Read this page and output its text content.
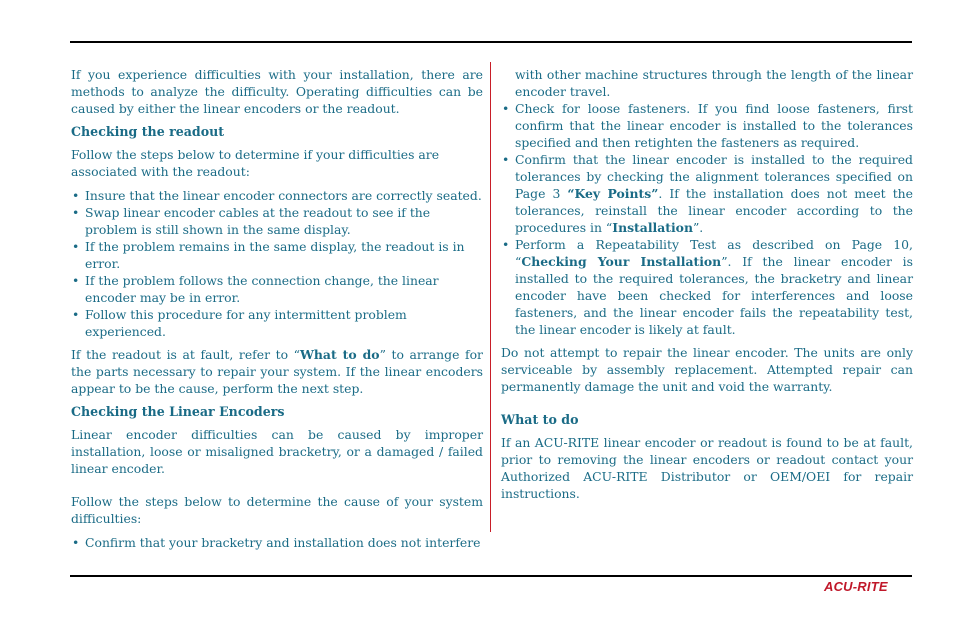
If you experience difficulties with your installation, there are methods to analyze the difficulty. Operating difficulties can be caused by either the linear encoders or the readout.

Checking the readout

Follow the steps below to determine if your difficulties are associated with the readout:

• Insure that the linear encoder connectors are correctly seated.
• Swap linear encoder cables at the readout to see if the problem is still shown in the same display.
• If the problem remains in the same display, the readout is in error.
• If the problem follows the connection change, the linear encoder may be in error.
• Follow this procedure for any intermittent problem experienced.

If the readout is at fault, refer to “What to do” to arrange for the parts necessary to repair your system. If the linear encoders appear to be the cause, perform the next step.

Checking the Linear Encoders

Linear encoder difficulties can be caused by improper installation, loose or misaligned bracketry, or a damaged / failed linear encoder.

Follow the steps below to determine the cause of your system difficulties:

• Confirm that your bracketry and installation does not interfere

with other machine structures through the length of the linear encoder travel.

• Check for loose fasteners. If you find loose fasteners, first confirm that the linear encoder is installed to the tolerances specified and then retighten the fasteners as required.
• Confirm that the linear encoder is installed to the required tolerances by checking the alignment tolerances specified on Page 3 “Key Points”. If the installation does not meet the tolerances, reinstall the linear encoder according to the procedures in “Installation”.
• Perform a Repeatability Test as described on Page 10, “Checking Your Installation”. If the linear encoder is installed to the required tolerances, the bracketry and linear encoder have been checked for interferences and loose fasteners, and the linear encoder fails the repeatability test, the linear encoder is likely at fault.

Do not attempt to repair the linear encoder. The units are only serviceable by assembly replacement. Attempted repair can permanently damage the unit and void the warranty.

What to do

If an ACU-RITE linear encoder or readout is found to be at fault, prior to removing the linear encoders or readout contact your Authorized ACU-RITE Distributor or OEM/OEI for repair instructions.

ACU-RITE
